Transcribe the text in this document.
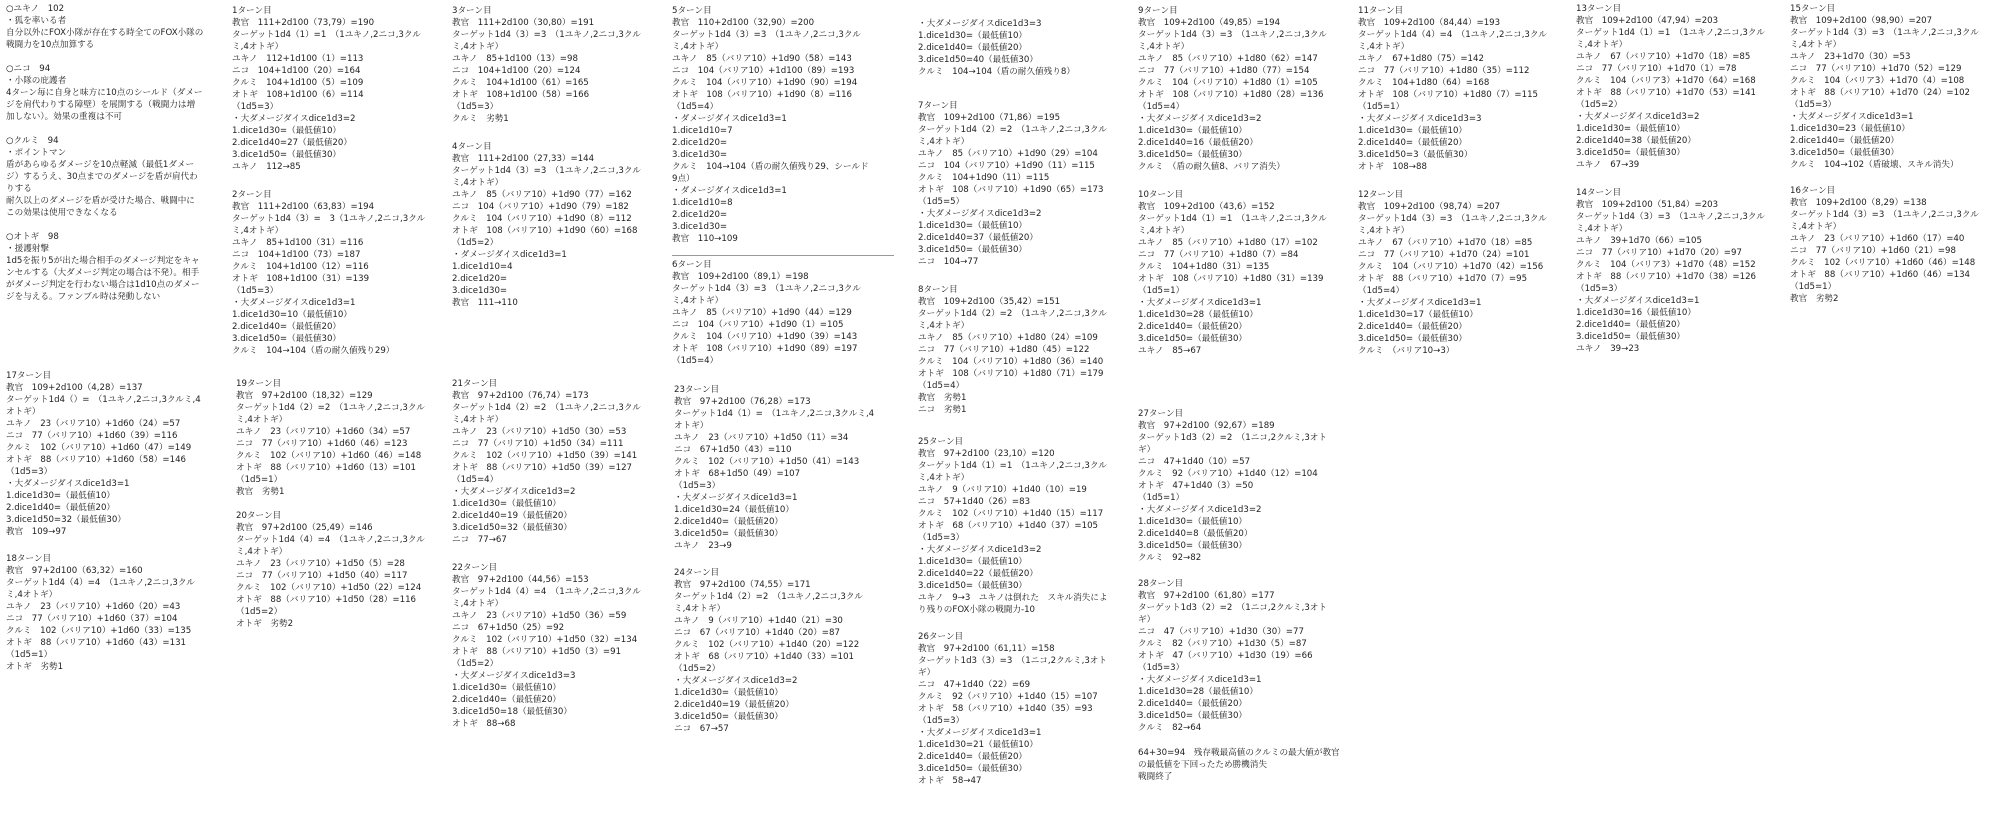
○ユキノ　102
・狐を率いる者
自分以外にFOX小隊が存在する時全てのFOX小隊の
戦闘力を10点加算する

○ニコ　94
・小隊の庇護者
4ターン毎に自身と味方に10点のシールド（ダメー
ジを肩代わりする障壁）を展開する（戦闘力は増
加しない）。効果の重複は不可

○クルミ　94
・ポイントマン
盾があらゆるダメージを10点軽減（最低1ダメー
ジ）するうえ、30点までのダメージを盾が肩代わ
りする
耐久以上のダメージを盾が受けた場合、戦闘中に
この効果は使用できなくなる

○オトギ　98
・援護射撃
1d5を振り5が出た場合相手のダメージ判定をキャ
ンセルする（大ダメージ判定の場合は不発）。相手
がダメージ判定を行わない場合は1d10点のダメー
ジを与える。ファンブル時は発動しない
1ターン目
教官　111+2d100（73,79）=190
ターゲット1d4（1）=1　（1ユキノ,2ニコ,3クル
ミ,4オトギ）
ユキノ　112+1d100（1）=113
ニコ　104+1d100（20）=164
クルミ　104+1d100（5）=109
オトギ　108+1d100（6）=114
（1d5=3）
・大ダメージダイスdice1d3=2
1.dice1d30=（最低値10）
2.dice1d40=27（最低値20）
3.dice1d50=（最低値30）
ユキノ　112→85
2ターン目
教官　111+2d100（63,83）=194
ターゲット1d4（3）=　3（1ユキノ,2ニコ,3クル
ミ,4オトギ）
ユキノ　85+1d100（31）=116
ニコ　104+1d100（73）=187
クルミ　104+1d100（12）=116
オトギ　108+1d100（31）=139
（1d5=3）
・大ダメージダイスdice1d3=1
1.dice1d30=10（最低値10）
2.dice1d40=（最低値20）
3.dice1d50=（最低値30）
クルミ　104→104（盾の耐久値残り29）
3ターン目
教官　111+2d100（30,80）=191
ターゲット1d4（3）=3　（1ユキノ,2ニコ,3クル
ミ,4オトギ）
ユキノ　85+1d100（13）=98
ニコ　104+1d100（20）=124
クルミ　104+1d100（61）=165
オトギ　108+1d100（58）=166
（1d5=3）
クルミ　劣勢1
4ターン目
教官　111+2d100（27,33）=144
ターゲット1d4（3）=3　（1ユキノ,2ニコ,3クル
ミ,4オトギ）
ユキノ　85（バリア10）+1d90（77）=162
ニコ　104（バリア10）+1d90（79）=182
クルミ　104（バリア10）+1d90（8）=112
オトギ　108（バリア10）+1d90（60）=168
（1d5=2）
・ダメージダイスdice1d3=1
1.dice1d10=4
2.dice1d20=
3.dice1d30=
教官　111→110
5ターン目
教官　110+2d100（32,90）=200
ターゲット1d4（3）=3　（1ユキノ,2ニコ,3クル
ミ,4オトギ）
ユキノ　85（バリア10）+1d90（58）=143
ニコ　104（バリア10）+1d100（89）=193
クルミ　104（バリア10）+1d90（90）=194
オトギ　108（バリア10）+1d90（8）=116
（1d5=4）
・ダメージダイスdice1d3=1
1.dice1d10=7
2.dice1d20=
3.dice1d30=
クルミ　104→104（盾の耐久値残り29、シールド
9点）
・ダメージダイスdice1d3=1
1.dice1d10=8
2.dice1d20=
3.dice1d30=
教官　110→109
6ターン目
教官　109+2d100（89,1）=198
ターゲット1d4（3）=3　（1ユキノ,2ニコ,3クル
ミ,4オトギ）
ユキノ　85（バリア10）+1d90（44）=129
ニコ　104（バリア10）+1d90（1）=105
クルミ　104（バリア10）+1d90（39）=143
オトギ　108（バリア10）+1d90（89）=197
（1d5=4）
・大ダメージダイスdice1d3=3
1.dice1d30=（最低値10）
2.dice1d40=（最低値20）
3.dice1d50=40（最低値30）
クルミ　104→104（盾の耐久値残り8）
7ターン目
教官　109+2d100（71,86）=195
ターゲット1d4（2）=2　（1ユキノ,2ニコ,3クル
ミ,4オトギ）
ユキノ　85（バリア10）+1d90（29）=104
ニコ　104（バリア10）+1d90（11）=115
クルミ　104+1d90（11）=115
オトギ　108（バリア10）+1d90（65）=173
（1d5=5）
・大ダメージダイスdice1d3=2
1.dice1d30=（最低値10）
2.dice1d40=37（最低値20）
3.dice1d50=（最低値30）
ニコ　104→77
8ターン目
教官　109+2d100（35,42）=151
ターゲット1d4（2）=2　（1ユキノ,2ニコ,3クル
ミ,4オトギ）
ユキノ　85（バリア10）+1d80（24）=109
ニコ　77（バリア10）+1d80（45）=122
クルミ　104（バリア10）+1d80（36）=140
オトギ　108（バリア10）+1d80（71）=179
（1d5=4）
教官　劣勢1
ニコ　劣勢1
9ターン目
教官　109+2d100（49,85）=194
ターゲット1d4（3）=3　（1ユキノ,2ニコ,3クル
ミ,4オトギ）
ユキノ　85（バリア10）+1d80（62）=147
ニコ　77（バリア10）+1d80（77）=154
クルミ　104（バリア10）+1d80（1）=105
オトギ　108（バリア10）+1d80（28）=136
（1d5=4）
・大ダメージダイスdice1d3=2
1.dice1d30=（最低値10）
2.dice1d40=16（最低値20）
3.dice1d50=（最低値30）
クルミ　（盾の耐久値8、バリア消失）
10ターン目
教官　109+2d100（43,6）=152
ターゲット1d4（1）=1　（1ユキノ,2ニコ,3クル
ミ,4オトギ）
ユキノ　85（バリア10）+1d80（17）=102
ニコ　77（バリア10）+1d80（7）=84
クルミ　104+1d80（31）=135
オトギ　108（バリア10）+1d80（31）=139
（1d5=1）
・大ダメージダイスdice1d3=1
1.dice1d30=28（最低値10）
2.dice1d40=（最低値20）
3.dice1d50=（最低値30）
ユキノ　85→67
11ターン目
教官　109+2d100（84,44）=193
ターゲット1d4（4）=4　（1ユキノ,2ニコ,3クル
ミ,4オトギ）
ユキノ　67+1d80（75）=142
ニコ　77（バリア10）+1d80（35）=112
クルミ　104+1d80（64）=168
オトギ　108（バリア10）+1d80（7）=115
（1d5=1）
・大ダメージダイスdice1d3=3
1.dice1d30=（最低値10）
2.dice1d40=（最低値20）
3.dice1d50=3（最低値30）
オトギ　108→88
12ターン目
教官　109+2d100（98,74）=207
ターゲット1d4（3）=3　（1ユキノ,2ニコ,3クル
ミ,4オトギ）
ユキノ　67（バリア10）+1d70（18）=85
ニコ　77（バリア10）+1d70（24）=101
クルミ　104（バリア10）+1d70（42）=156
オトギ　88（バリア10）+1d70（7）=95
（1d5=4）
・大ダメージダイスdice1d3=1
1.dice1d30=17（最低値10）
2.dice1d40=（最低値20）
3.dice1d50=（最低値30）
クルミ　（バリア10→3）
13ターン目
教官　109+2d100（47,94）=203
ターゲット1d4（1）=1　（1ユキノ,2ニコ,3クル
ミ,4オトギ）
ユキノ　67（バリア10）+1d70（18）=85
ニコ　77（バリア10）+1d70（1）=78
クルミ　104（バリア3）+1d70（64）=168
オトギ　88（バリア10）+1d70（53）=141
（1d5=2）
・大ダメージダイスdice1d3=2
1.dice1d30=（最低値10）
2.dice1d40=38（最低値20）
3.dice1d50=（最低値30）
ユキノ　67→39
14ターン目
教官　109+2d100（51,84）=203
ターゲット1d4（3）=3　（1ユキノ,2ニコ,3クル
ミ,4オトギ）
ユキノ　39+1d70（66）=105
ニコ　77（バリア10）+1d70（20）=97
クルミ　104（バリア3）+1d70（48）=152
オトギ　88（バリア10）+1d70（38）=126
（1d5=3）
・大ダメージダイスdice1d3=1
1.dice1d30=16（最低値10）
2.dice1d40=（最低値20）
3.dice1d50=（最低値30）
ユキノ　39→23
15ターン目
教官　109+2d100（98,90）=207
ターゲット1d4（3）=3　（1ユキノ,2ニコ,3クル
ミ,4オトギ）
ユキノ　23+1d70（30）=53
ニコ　77（バリア10）+1d70（52）=129
クルミ　104（バリア3）+1d70（4）=108
オトギ　88（バリア10）+1d70（24）=102
（1d5=3）
・大ダメージダイスdice1d3=1
1.dice1d30=23（最低値10）
2.dice1d40=（最低値20）
3.dice1d50=（最低値30）
クルミ　104→102（盾破壊、スキル消失）
16ターン目
教官　109+2d100（8,29）=138
ターゲット1d4（3）=3　（1ユキノ,2ニコ,3クル
ミ,4オトギ）
ユキノ　23（バリア10）+1d60（17）=40
ニコ　77（バリア10）+1d60（21）=98
クルミ　102（バリア10）+1d60（46）=148
オトギ　88（バリア10）+1d60（46）=134
（1d5=1）
教官　劣勢2
17ターン目
教官　109+2d100（4,28）=137
ターゲット1d4（）=　（1ユキノ,2ニコ,3クルミ,4
オトギ）
ユキノ　23（バリア10）+1d60（24）=57
ニコ　77（バリア10）+1d60（39）=116
クルミ　102（バリア10）+1d60（47）=149
オトギ　88（バリア10）+1d60（58）=146
（1d5=3）
・大ダメージダイスdice1d3=1
1.dice1d30=（最低値10）
2.dice1d40=（最低値20）
3.dice1d50=32（最低値30）
教官　109→97
18ターン目
教官　97+2d100（63,32）=160
ターゲット1d4（4）=4　（1ユキノ,2ニコ,3クル
ミ,4オトギ）
ユキノ　23（バリア10）+1d60（20）=43
ニコ　77（バリア10）+1d60（37）=104
クルミ　102（バリア10）+1d60（33）=135
オトギ　88（バリア10）+1d60（43）=131
（1d5=1）
オトギ　劣勢1
19ターン目
教官　97+2d100（18,32）=129
ターゲット1d4（2）=2　（1ユキノ,2ニコ,3クル
ミ,4オトギ）
ユキノ　23（バリア10）+1d60（34）=57
ニコ　77（バリア10）+1d60（46）=123
クルミ　102（バリア10）+1d60（46）=148
オトギ　88（バリア10）+1d60（13）=101
（1d5=1）
教官　劣勢1
20ターン目
教官　97+2d100（25,49）=146
ターゲット1d4（4）=4　（1ユキノ,2ニコ,3クル
ミ,4オトギ）
ユキノ　23（バリア10）+1d50（5）=28
ニコ　77（バリア10）+1d50（40）=117
クルミ　102（バリア10）+1d50（22）=124
オトギ　88（バリア10）+1d50（28）=116
（1d5=2）
オトギ　劣勢2
21ターン目
教官　97+2d100（76,74）=173
ターゲット1d4（2）=2　（1ユキノ,2ニコ,3クル
ミ,4オトギ）
ユキノ　23（バリア10）+1d50（30）=53
ニコ　77（バリア10）+1d50（34）=111
クルミ　102（バリア10）+1d50（39）=141
オトギ　88（バリア10）+1d50（39）=127
（1d5=4）
・大ダメージダイスdice1d3=2
1.dice1d30=（最低値10）
2.dice1d40=19（最低値20）
3.dice1d50=32（最低値30）
ニコ　77→67
22ターン目
教官　97+2d100（44,56）=153
ターゲット1d4（4）=4　（1ユキノ,2ニコ,3クル
ミ,4オトギ）
ユキノ　23（バリア10）+1d50（36）=59
ニコ　67+1d50（25）=92
クルミ　102（バリア10）+1d50（32）=134
オトギ　88（バリア10）+1d50（3）=91
（1d5=2）
・大ダメージダイスdice1d3=3
1.dice1d30=（最低値10）
2.dice1d40=（最低値20）
3.dice1d50=18（最低値30）
オトギ　88→68
23ターン目
教官　97+2d100（76,28）=173
ターゲット1d4（1）=　（1ユキノ,2ニコ,3クルミ,4
オトギ）
ユキノ　23（バリア10）+1d50（11）=34
ニコ　67+1d50（43）=110
クルミ　102（バリア10）+1d50（41）=143
オトギ　68+1d50（49）=107
（1d5=3）
・大ダメージダイスdice1d3=1
1.dice1d30=24（最低値10）
2.dice1d40=（最低値20）
3.dice1d50=（最低値30）
ユキノ　23→9
24ターン目
教官　97+2d100（74,55）=171
ターゲット1d4（2）=2　（1ユキノ,2ニコ,3クル
ミ,4オトギ）
ユキノ　9（バリア10）+1d40（21）=30
ニコ　67（バリア10）+1d40（20）=87
クルミ　102（バリア10）+1d40（20）=122
オトギ　68（バリア10）+1d40（33）=101
（1d5=2）
・大ダメージダイスdice1d3=2
1.dice1d30=（最低値10）
2.dice1d40=19（最低値20）
3.dice1d50=（最低値30）
ニコ　67→57
25ターン目
教官　97+2d100（23,10）=120
ターゲット1d4（1）=1　（1ユキノ,2ニコ,3クル
ミ,4オトギ）
ユキノ　9（バリア10）+1d40（10）=19
ニコ　57+1d40（26）=83
クルミ　102（バリア10）+1d40（15）=117
オトギ　68（バリア10）+1d40（37）=105
（1d5=3）
・大ダメージダイスdice1d3=2
1.dice1d30=（最低値10）
2.dice1d40=22（最低値20）
3.dice1d50=（最低値30）
ユキノ　9→3　ユキノは倒れた　スキル消失によ
り残りのFOX小隊の戦闘力-10
26ターン目
教官　97+2d100（61,11）=158
ターゲット1d3（3）=3　（1ニコ,2クルミ,3オト
ギ）
ニコ　47+1d40（22）=69
クルミ　92（バリア10）+1d40（15）=107
オトギ　58（バリア10）+1d40（35）=93
（1d5=3）
・大ダメージダイスdice1d3=1
1.dice1d30=21（最低値10）
2.dice1d40=（最低値20）
3.dice1d50=（最低値30）
オトギ　58→47
27ターン目
教官　97+2d100（92,67）=189
ターゲット1d3（2）=2　（1ニコ,2クルミ,3オト
ギ）
ニコ　47+1d40（10）=57
クルミ　92（バリア10）+1d40（12）=104
オトギ　47+1d40（3）=50
（1d5=1）
・大ダメージダイスdice1d3=2
1.dice1d30=（最低値10）
2.dice1d40=8（最低値20）
3.dice1d50=（最低値30）
クルミ　92→82
28ターン目
教官　97+2d100（61,80）=177
ターゲット1d3（2）=2　（1ニコ,2クルミ,3オト
ギ）
ニコ　47（バリア10）+1d30（30）=77
クルミ　82（バリア10）+1d30（5）=87
オトギ　47（バリア10）+1d30（19）=66
（1d5=3）
・大ダメージダイスdice1d3=1
1.dice1d30=28（最低値10）
2.dice1d40=（最低値20）
3.dice1d50=（最低値30）
クルミ　82→64
64+30=94　残存戦最高値のクルミの最大値が教官
の最低値を下回ったため勝機消失
戦闘終了
